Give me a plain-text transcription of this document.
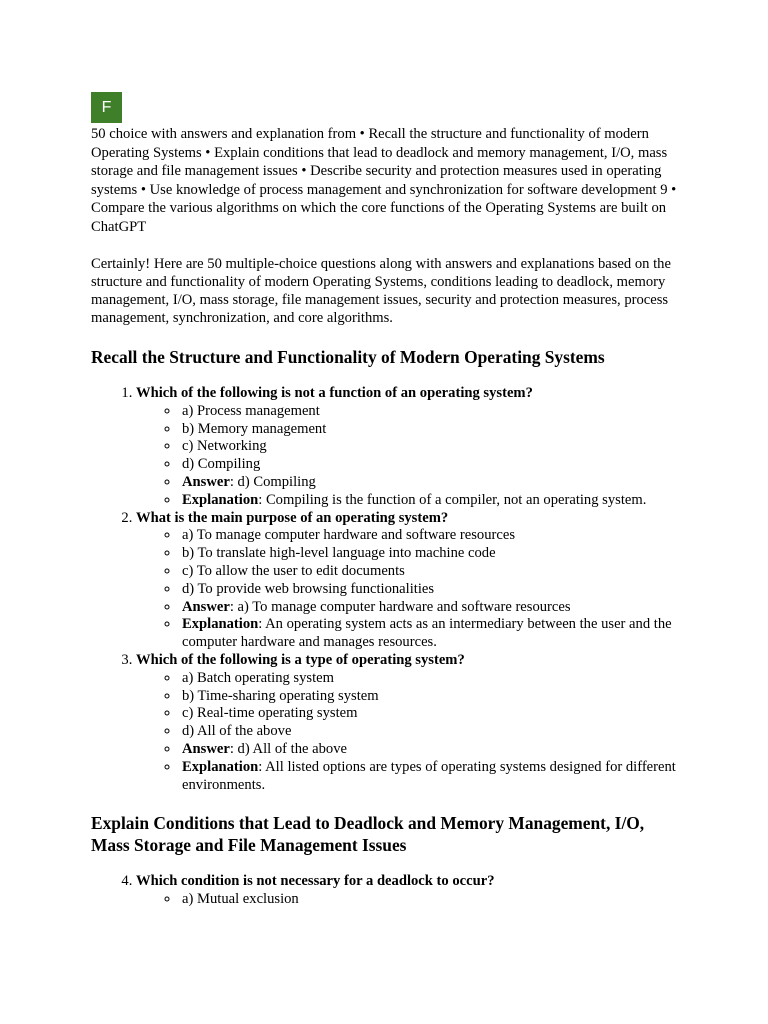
F

50 choice with answers and explanation from • Recall the structure and functionality of modern Operating Systems • Explain conditions that lead to deadlock and memory management, I/O, mass storage and file management issues • Describe security and protection measures used in operating systems • Use knowledge of process management and synchronization for software development 9 • Compare the various algorithms on which the core functions of the Operating Systems are built on

ChatGPT

Certainly! Here are 50 multiple-choice questions along with answers and explanations based on the structure and functionality of modern Operating Systems, conditions leading to deadlock, memory management, I/O, mass storage, file management issues, security and protection measures, process management, synchronization, and core algorithms.

Recall the Structure and Functionality of Modern Operating Systems
1. Which of the following is not a function of an operating system?
◦ a) Process management
◦ b) Memory management
◦ c) Networking
◦ d) Compiling
◦ Answer: d) Compiling
◦ Explanation: Compiling is the function of a compiler, not an operating system.
2. What is the main purpose of an operating system?
◦ a) To manage computer hardware and software resources
◦ b) To translate high-level language into machine code
◦ c) To allow the user to edit documents
◦ d) To provide web browsing functionalities
◦ Answer: a) To manage computer hardware and software resources
◦ Explanation: An operating system acts as an intermediary between the user and the computer hardware and manages resources.
3. Which of the following is a type of operating system?
◦ a) Batch operating system
◦ b) Time-sharing operating system
◦ c) Real-time operating system
◦ d) All of the above
◦ Answer: d) All of the above
◦ Explanation: All listed options are types of operating systems designed for different environments.
Explain Conditions that Lead to Deadlock and Memory Management, I/O, Mass Storage and File Management Issues
4. Which condition is not necessary for a deadlock to occur?
◦ a) Mutual exclusion
